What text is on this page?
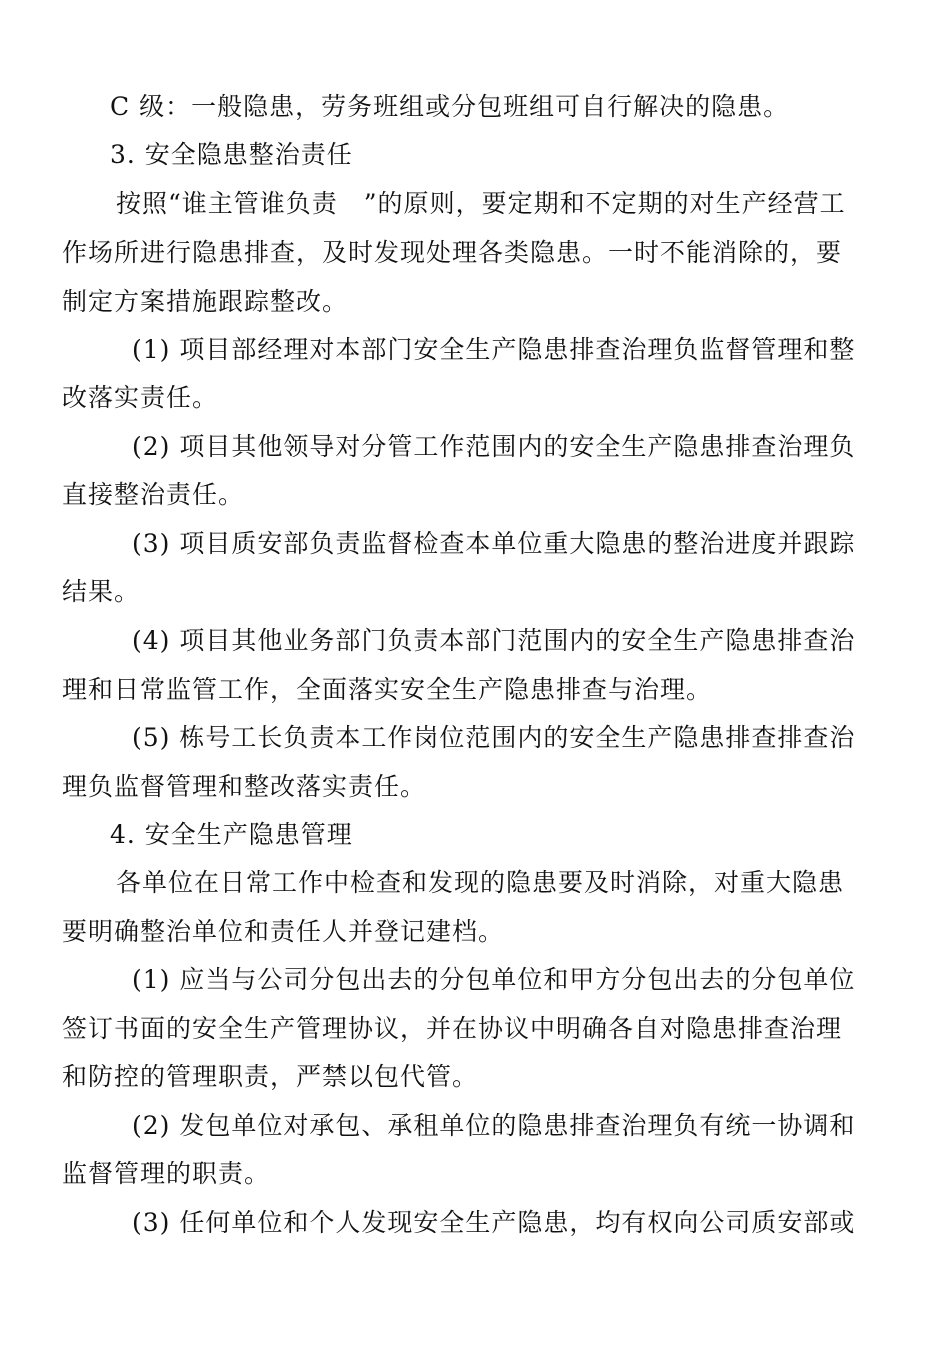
C 级：一般隐患，劳务班组或分包班组可自行解决的隐患。
3. 安全隐患整治责任
按照“谁主管谁负责　”的原则，要定期和不定期的对生产经营工
作场所进行隐患排查，及时发现处理各类隐患。一时不能消除的，要
制定方案措施跟踪整改。
(1) 项目部经理对本部门安全生产隐患排查治理负监督管理和整
改落实责任。
(2) 项目其他领导对分管工作范围内的安全生产隐患排查治理负
直接整治责任。
(3) 项目质安部负责监督检查本单位重大隐患的整治进度并跟踪
结果。
(4) 项目其他业务部门负责本部门范围内的安全生产隐患排查治
理和日常监管工作，全面落实安全生产隐患排查与治理。
(5) 栋号工长负责本工作岗位范围内的安全生产隐患排查排查治
理负监督管理和整改落实责任。
4. 安全生产隐患管理
各单位在日常工作中检查和发现的隐患要及时消除，对重大隐患
要明确整治单位和责任人并登记建档。
(1) 应当与公司分包出去的分包单位和甲方分包出去的分包单位
签订书面的安全生产管理协议，并在协议中明确各自对隐患排查治理
和防控的管理职责，严禁以包代管。
(2) 发包单位对承包、承租单位的隐患排查治理负有统一协调和
监督管理的职责。
(3) 任何单位和个人发现安全生产隐患，均有权向公司质安部或
